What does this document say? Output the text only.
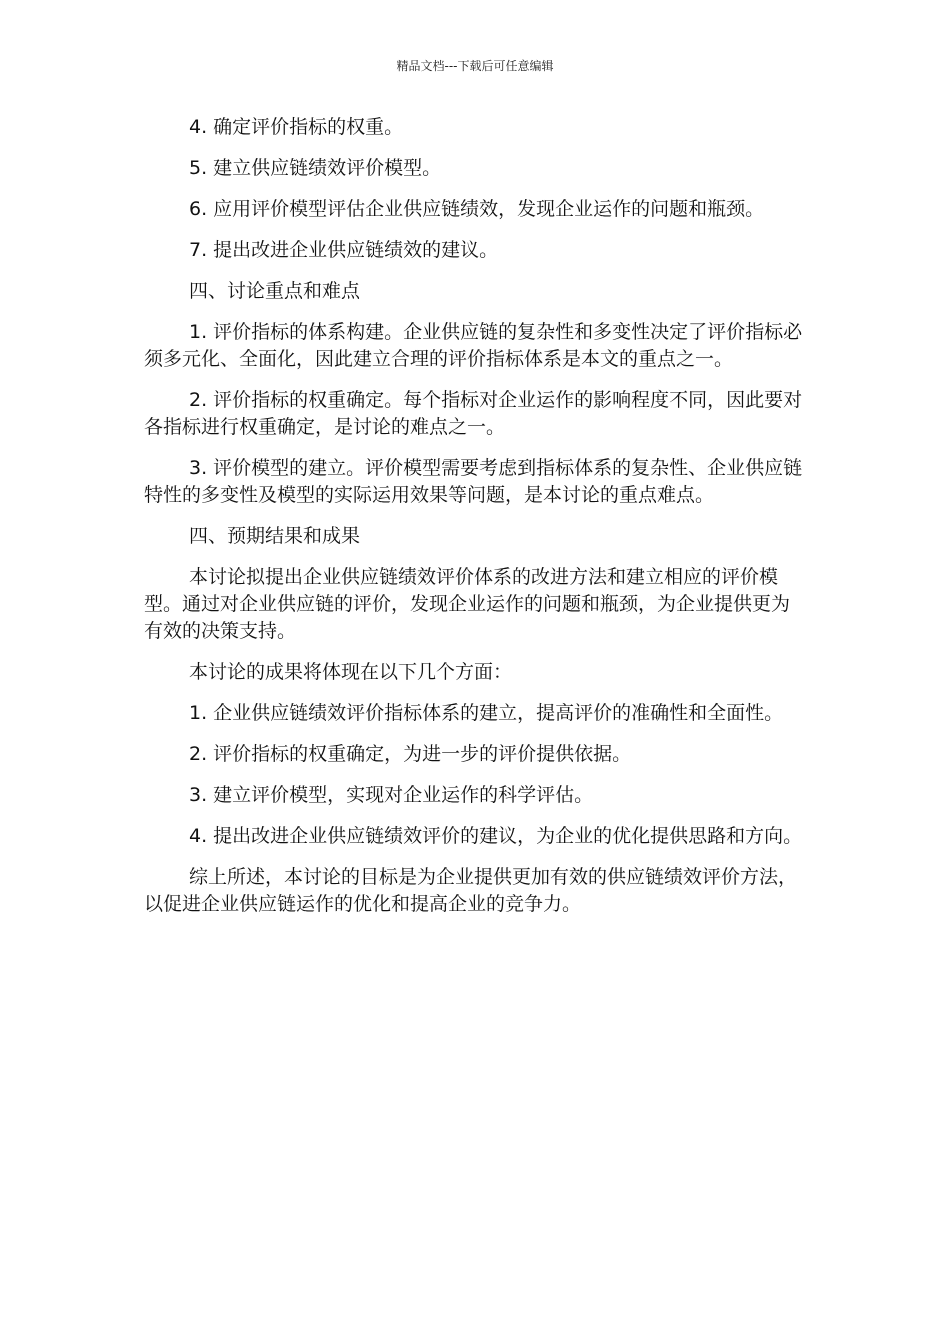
精品文档---下载后可任意编辑

4. 确定评价指标的权重。

5. 建立供应链绩效评价模型。

6. 应用评价模型评估企业供应链绩效，发现企业运作的问题和瓶颈。

7. 提出改进企业供应链绩效的建议。

四、讨论重点和难点

1. 评价指标的体系构建。企业供应链的复杂性和多变性决定了评价指标必须多元化、全面化，因此建立合理的评价指标体系是本文的重点之一。

2. 评价指标的权重确定。每个指标对企业运作的影响程度不同，因此要对各指标进行权重确定，是讨论的难点之一。

3. 评价模型的建立。评价模型需要考虑到指标体系的复杂性、企业供应链特性的多变性及模型的实际运用效果等问题，是本讨论的重点难点。

四、预期结果和成果

本讨论拟提出企业供应链绩效评价体系的改进方法和建立相应的评价模型。通过对企业供应链的评价，发现企业运作的问题和瓶颈，为企业提供更为有效的决策支持。

本讨论的成果将体现在以下几个方面：

1. 企业供应链绩效评价指标体系的建立，提高评价的准确性和全面性。

2. 评价指标的权重确定，为进一步的评价提供依据。

3. 建立评价模型，实现对企业运作的科学评估。

4. 提出改进企业供应链绩效评价的建议，为企业的优化提供思路和方向。

综上所述，本讨论的目标是为企业提供更加有效的供应链绩效评价方法，以促进企业供应链运作的优化和提高企业的竞争力。
